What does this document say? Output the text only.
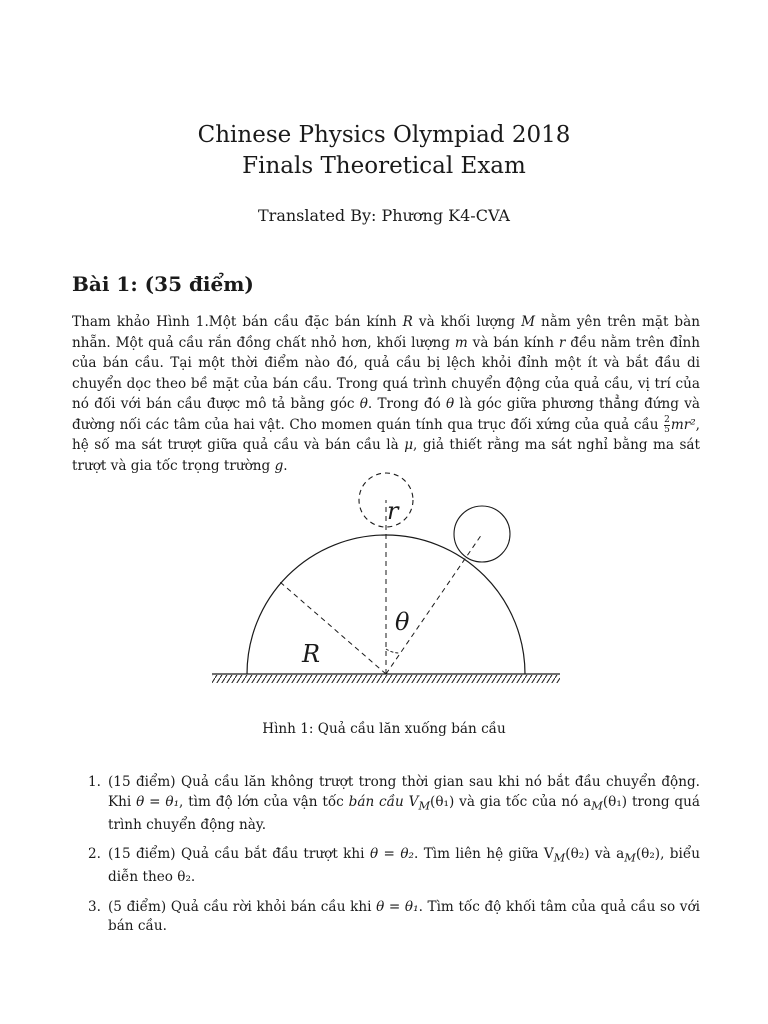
Chinese Physics Olympiad 2018
Finals Theoretical Exam
Translated By: Phương K4-CVA
Bài 1: (35 điểm)

Tham khảo Hình 1.Một bán cầu đặc bán kính R và khối lượng M nằm yên trên mặt bàn nhẵn. Một quả cầu rắn đồng chất nhỏ hơn, khối lượng m và bán kính r đều nằm trên đỉnh của bán cầu. Tại một thời điểm nào đó, quả cầu bị lệch khỏi đỉnh một ít và bắt đầu di chuyển dọc theo bề mặt của bán cầu. Trong quá trình chuyển động của quả cầu, vị trí của nó đối với bán cầu được mô tả bằng góc θ. Trong đó θ là góc giữa phương thẳng đứng và đường nối các tâm của hai vật. Cho momen quán tính qua trục đối xứng của quả cầu $\frac{2}{5} mr^2$, hệ số ma sát trượt giữa quả cầu và bán cầu là μ, giả thiết rằng ma sát nghỉ bằng ma sát trượt và gia tốc trọng trường g.

r
θ
R
Hình 1: Quả cầu lăn xuống bán cầu
1. (15 điểm) Quả cầu lăn không trượt trong thời gian sau khi nó bắt đầu chuyển động. Khi θ = θ₁, tìm độ lớn của vận tốc bán cầu $V_M(\theta_1)$ và gia tốc của nó $a_M(\theta_1)$ trong quá trình chuyển động này.
2. (15 điểm) Quả cầu bắt đầu trượt khi θ = θ₂. Tìm liên hệ giữa $V_M(\theta_2)$ và $a_M(\theta_2)$, biểu diễn theo θ₂.
3. (5 điểm) Quả cầu rời khỏi bán cầu khi θ = θ₁. Tìm tốc độ khối tâm của quả cầu so với bán cầu.
